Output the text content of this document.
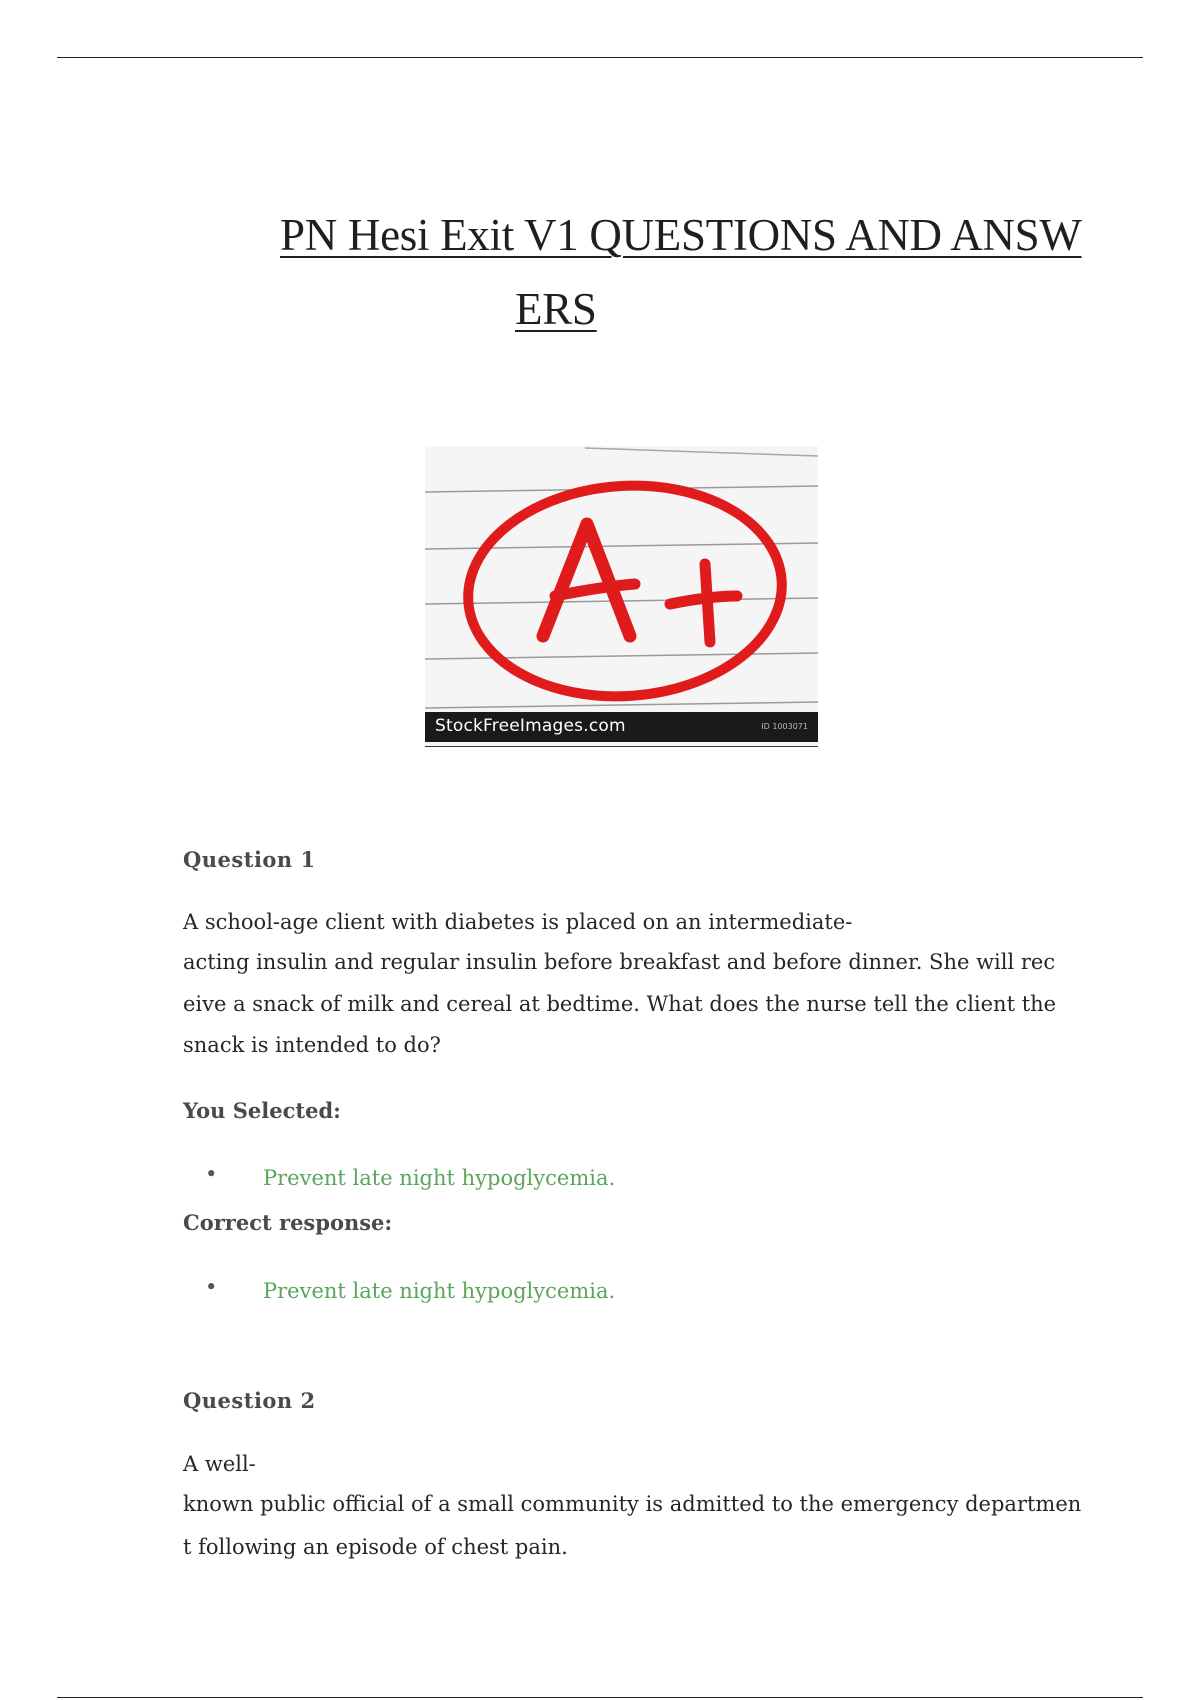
PN Hesi Exit V1 QUESTIONS AND ANSW
ERS
StockFreeImages.com	ID 1003071
Question 1
A school-age client with diabetes is placed on an intermediate-
acting insulin and regular insulin before breakfast and before dinner. She will rec
eive a snack of milk and cereal at bedtime. What does the nurse tell the client the
snack is intended to do?
You Selected:
• Prevent late night hypoglycemia.
Correct response:
• Prevent late night hypoglycemia.
Question 2
A well-
known public official of a small community is admitted to the emergency departmen
t following an episode of chest pain.
